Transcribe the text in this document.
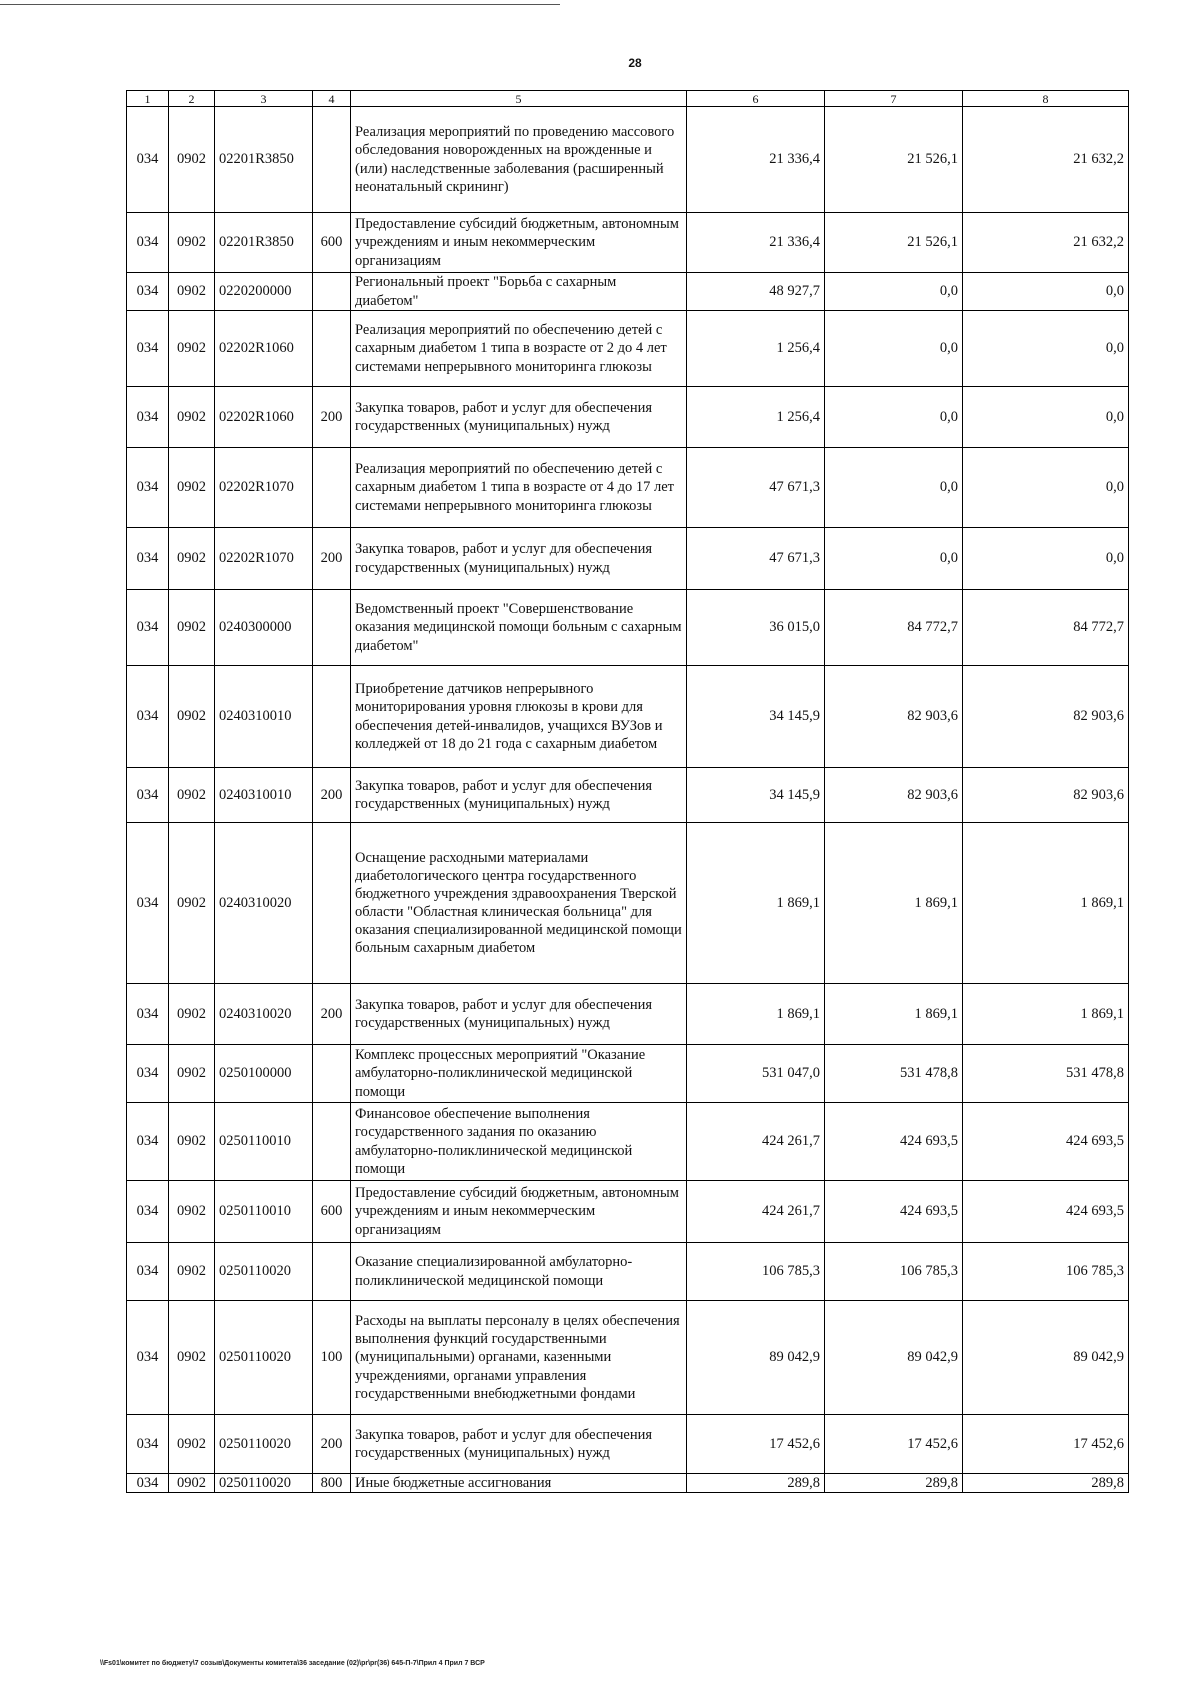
28
1	2	3	4	5	6	7	8
034	0902	02201R3850		Реализация мероприятий по проведению массового обследования новорожденных на врожденные и (или) наследственные заболевания (расширенный неонатальный скрининг)	21 336,4	21 526,1	21 632,2
034	0902	02201R3850	600	Предоставление субсидий бюджетным, автономным учреждениям и иным некоммерческим организациям	21 336,4	21 526,1	21 632,2
034	0902	0220200000		Региональный проект "Борьба с сахарным диабетом"	48 927,7	0,0	0,0
034	0902	02202R1060		Реализация мероприятий по обеспечению детей с сахарным диабетом 1 типа в возрасте от 2 до 4 лет системами непрерывного мониторинга глюкозы	1 256,4	0,0	0,0
034	0902	02202R1060	200	Закупка товаров, работ и услуг для обеспечения государственных (муниципальных) нужд	1 256,4	0,0	0,0
034	0902	02202R1070		Реализация мероприятий по обеспечению детей с сахарным диабетом 1 типа в возрасте от 4 до 17 лет системами непрерывного мониторинга глюкозы	47 671,3	0,0	0,0
034	0902	02202R1070	200	Закупка товаров, работ и услуг для обеспечения государственных (муниципальных) нужд	47 671,3	0,0	0,0
034	0902	0240300000		Ведомственный проект "Совершенствование оказания медицинской помощи больным с сахарным диабетом"	36 015,0	84 772,7	84 772,7
034	0902	0240310010		Приобретение датчиков непрерывного мониторирования уровня глюкозы в крови для обеспечения детей-инвалидов, учащихся ВУЗов и колледжей от 18 до 21 года с сахарным диабетом	34 145,9	82 903,6	82 903,6
034	0902	0240310010	200	Закупка товаров, работ и услуг для обеспечения государственных (муниципальных) нужд	34 145,9	82 903,6	82 903,6
034	0902	0240310020		Оснащение расходными материалами диабетологического центра государственного бюджетного учреждения здравоохранения Тверской области "Областная клиническая больница" для оказания специализированной медицинской помощи больным сахарным диабетом	1 869,1	1 869,1	1 869,1
034	0902	0240310020	200	Закупка товаров, работ и услуг для обеспечения государственных (муниципальных) нужд	1 869,1	1 869,1	1 869,1
034	0902	0250100000		Комплекс процессных мероприятий "Оказание амбулаторно-поликлинической медицинской помощи	531 047,0	531 478,8	531 478,8
034	0902	0250110010		Финансовое обеспечение выполнения государственного задания по оказанию амбулаторно-поликлинической медицинской помощи	424 261,7	424 693,5	424 693,5
034	0902	0250110010	600	Предоставление субсидий бюджетным, автономным учреждениям и иным некоммерческим организациям	424 261,7	424 693,5	424 693,5
034	0902	0250110020		Оказание специализированной амбулаторно-поликлинической медицинской помощи	106 785,3	106 785,3	106 785,3
034	0902	0250110020	100	Расходы на выплаты персоналу в целях обеспечения выполнения функций государственными (муниципальными) органами, казенными учреждениями, органами управления государственными внебюджетными фондами	89 042,9	89 042,9	89 042,9
034	0902	0250110020	200	Закупка товаров, работ и услуг для обеспечения государственных (муниципальных) нужд	17 452,6	17 452,6	17 452,6
034	0902	0250110020	800	Иные бюджетные ассигнования	289,8	289,8	289,8
\\Fs01\комитет по бюджету\7 созыв\Документы комитета\36 заседание (02)\pr\pr(36) 645-П-7\Прил 4 Прил 7 ВСР
